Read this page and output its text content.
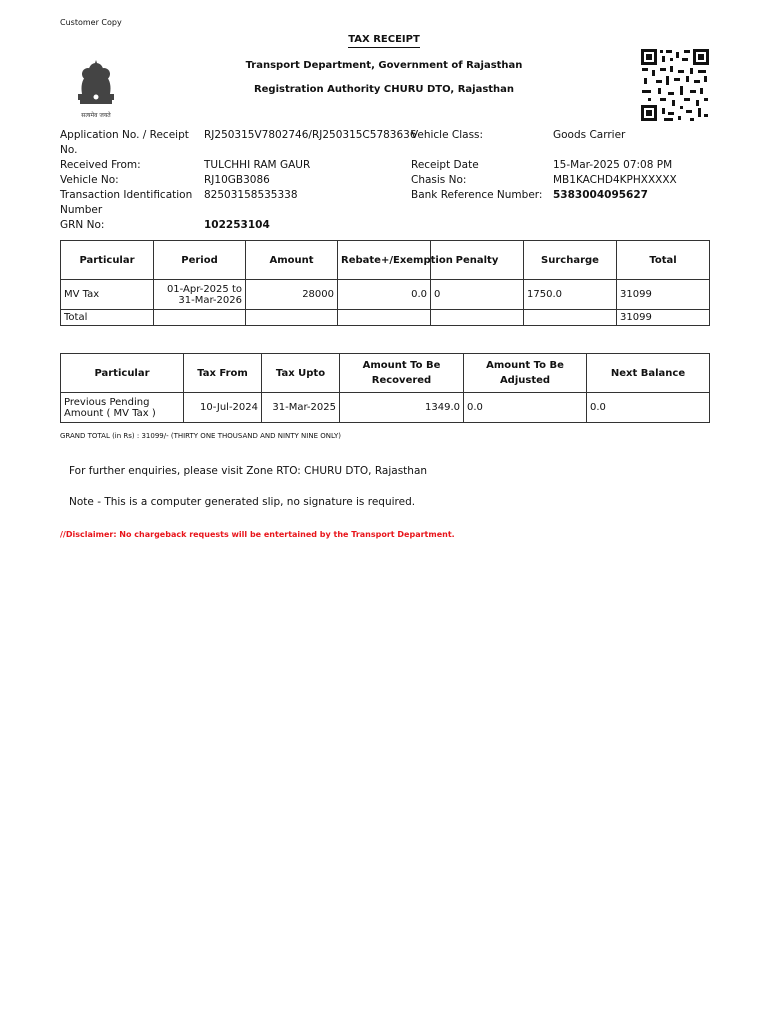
Customer Copy
TAX RECEIPT
Transport Department, Government of Rajasthan
Registration Authority CHURU DTO, Rajasthan
सत्यमेव जयते
Application No. / Receipt No.
RJ250315V7802746/RJ250315C5783636
Vehicle Class:	Goods Carrier
Received From:	TULCHHI RAM GAUR	Receipt Date	15-Mar-2025 07:08 PM
Vehicle No:	RJ10GB3086	Chasis No:	MB1KACHD4KPHXXXXX
Transaction Identification Number
82503158535338	Bank Reference Number: 5383004095627
GRN No:	102253104
Particular	Period	Amount	Rebate+/Exemption	Penalty	Surcharge	Total
MV Tax	01-Apr-2025 to 31-Mar-2026	28000	0.0	0	1750.0	31099
Total						31099
Particular	Tax From	Tax Upto	Amount To Be Recovered	Amount To Be Adjusted	Next Balance
Previous Pending Amount ( MV Tax )	10-Jul-2024	31-Mar-2025	1349.0	0.0	0.0
GRAND TOTAL (in Rs) : 31099/- (THIRTY ONE THOUSAND AND NINTY NINE ONLY)
For further enquiries, please visit Zone RTO: CHURU DTO, Rajasthan
Note - This is a computer generated slip, no signature is required.
//Disclaimer: No chargeback requests will be entertained by the Transport Department.
